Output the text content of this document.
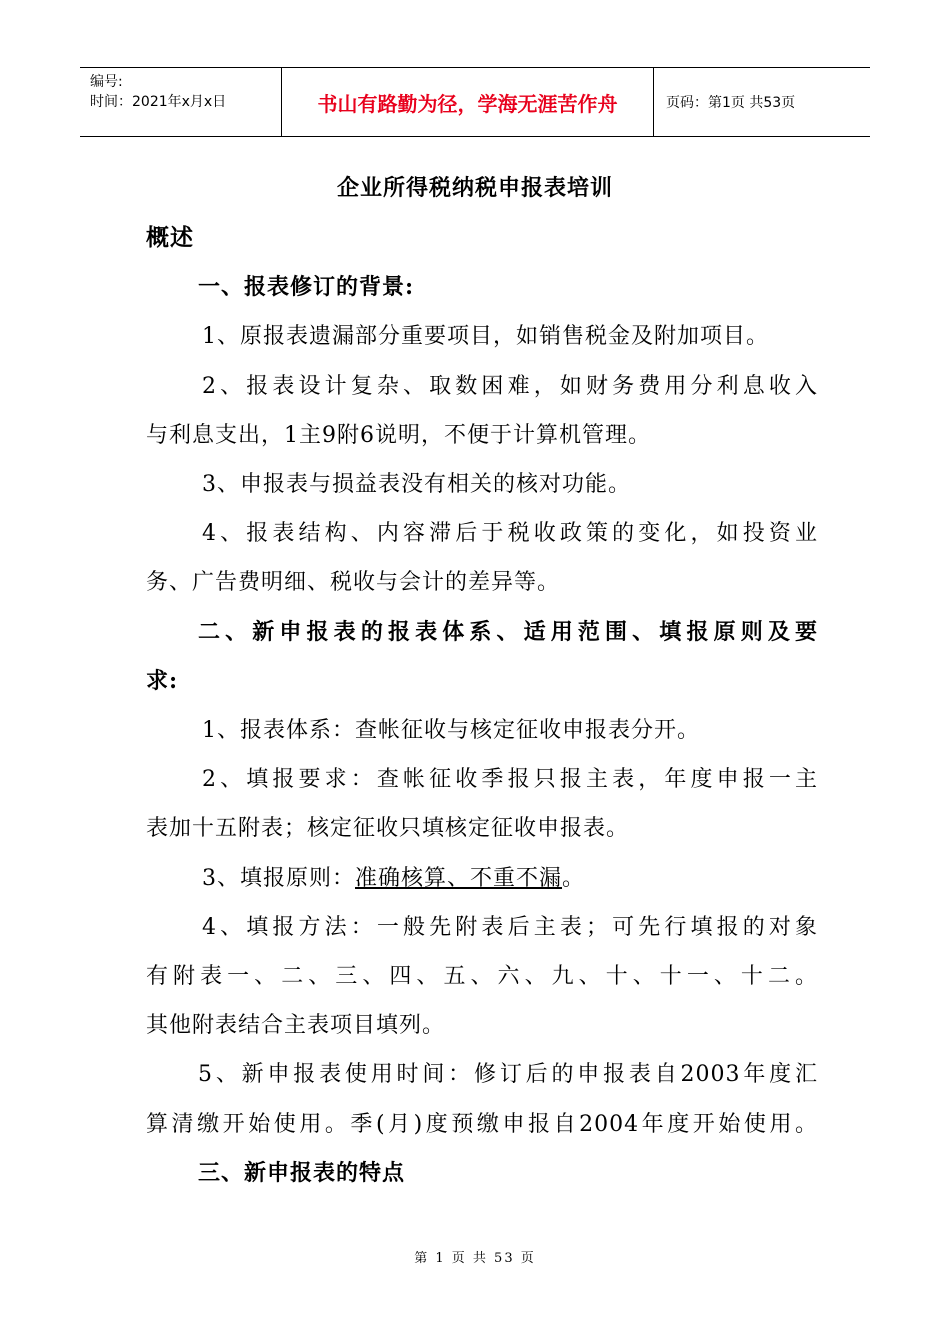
编号:
时间：2021年x月x日	书山有路勤为径，学海无涯苦作舟	页码：第1页 共53页
企业所得税纳税申报表培训

概述

一、报表修订的背景:

1、原报表遗漏部分重要项目，如销售税金及附加项目。

2、报表设计复杂、取数困难，如财务费用分利息收入

与利息支出，1主9附6说明，不便于计算机管理。

3、申报表与损益表没有相关的核对功能。

4、报表结构、内容滞后于税收政策的变化，如投资业

务、广告费明细、税收与会计的差异等。

二、新申报表的报表体系、适用范围、填报原则及要

求:

1、报表体系：查帐征收与核定征收申报表分开。

2、填报要求：查帐征收季报只报主表，年度申报一主

表加十五附表；核定征收只填核定征收申报表。

3、填报原则：准确核算、不重不漏。

4、填报方法：一般先附表后主表；可先行填报的对象

有附表一、二、三、四、五、六、九、十、十一、十二。

其他附表结合主表项目填列。

5、新申报表使用时间：修订后的申报表自2003年度汇

算清缴开始使用。季(月)度预缴申报自2004年度开始使用。

三、新申报表的特点

第 1 页 共 53 页
